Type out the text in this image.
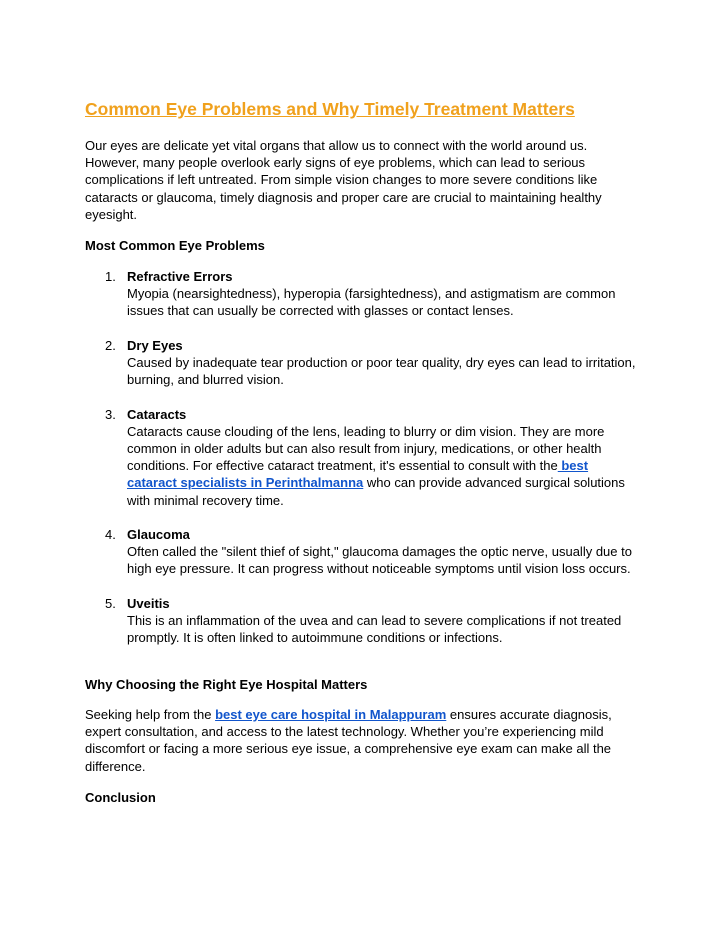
Common Eye Problems and Why Timely Treatment Matters

Our eyes are delicate yet vital organs that allow us to connect with the world around us. However, many people overlook early signs of eye problems, which can lead to serious complications if left untreated. From simple vision changes to more severe conditions like cataracts or glaucoma, timely diagnosis and proper care are crucial to maintaining healthy eyesight.

Most Common Eye Problems
1. Refractive Errors
Myopia (nearsightedness), hyperopia (farsightedness), and astigmatism are common issues that can usually be corrected with glasses or contact lenses.
2. Dry Eyes
Caused by inadequate tear production or poor tear quality, dry eyes can lead to irritation, burning, and blurred vision.
3. Cataracts
Cataracts cause clouding of the lens, leading to blurry or dim vision. They are more common in older adults but can also result from injury, medications, or other health conditions. For effective cataract treatment, it's essential to consult with the best cataract specialists in Perinthalmanna who can provide advanced surgical solutions with minimal recovery time.
4. Glaucoma
Often called the "silent thief of sight," glaucoma damages the optic nerve, usually due to high eye pressure. It can progress without noticeable symptoms until vision loss occurs.
5. Uveitis
This is an inflammation of the uvea and can lead to severe complications if not treated promptly. It is often linked to autoimmune conditions or infections.
Why Choosing the Right Eye Hospital Matters

Seeking help from the best eye care hospital in Malappuram ensures accurate diagnosis, expert consultation, and access to the latest technology. Whether you’re experiencing mild discomfort or facing a more serious eye issue, a comprehensive eye exam can make all the difference.

Conclusion
